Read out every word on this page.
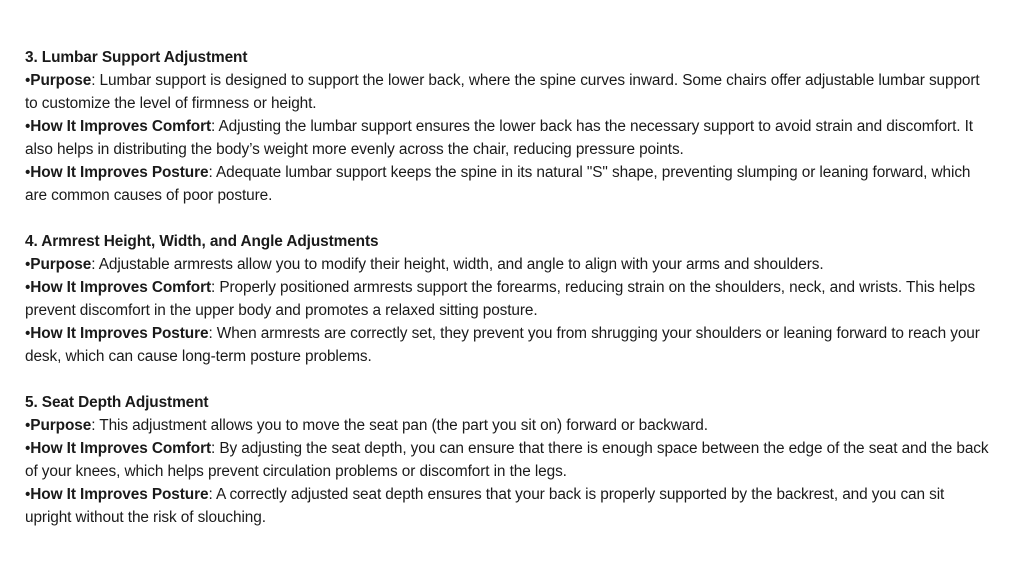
3. Lumbar Support Adjustment
•Purpose: Lumbar support is designed to support the lower back, where the spine curves inward. Some chairs offer adjustable lumbar support to customize the level of firmness or height.
•How It Improves Comfort: Adjusting the lumbar support ensures the lower back has the necessary support to avoid strain and discomfort. It also helps in distributing the body’s weight more evenly across the chair, reducing pressure points.
•How It Improves Posture: Adequate lumbar support keeps the spine in its natural "S" shape, preventing slumping or leaning forward, which are common causes of poor posture.
4. Armrest Height, Width, and Angle Adjustments
•Purpose: Adjustable armrests allow you to modify their height, width, and angle to align with your arms and shoulders.
•How It Improves Comfort: Properly positioned armrests support the forearms, reducing strain on the shoulders, neck, and wrists. This helps prevent discomfort in the upper body and promotes a relaxed sitting posture.
•How It Improves Posture: When armrests are correctly set, they prevent you from shrugging your shoulders or leaning forward to reach your desk, which can cause long-term posture problems.
5. Seat Depth Adjustment
•Purpose: This adjustment allows you to move the seat pan (the part you sit on) forward or backward.
•How It Improves Comfort: By adjusting the seat depth, you can ensure that there is enough space between the edge of the seat and the back of your knees, which helps prevent circulation problems or discomfort in the legs.
•How It Improves Posture: A correctly adjusted seat depth ensures that your back is properly supported by the backrest, and you can sit upright without the risk of slouching.
